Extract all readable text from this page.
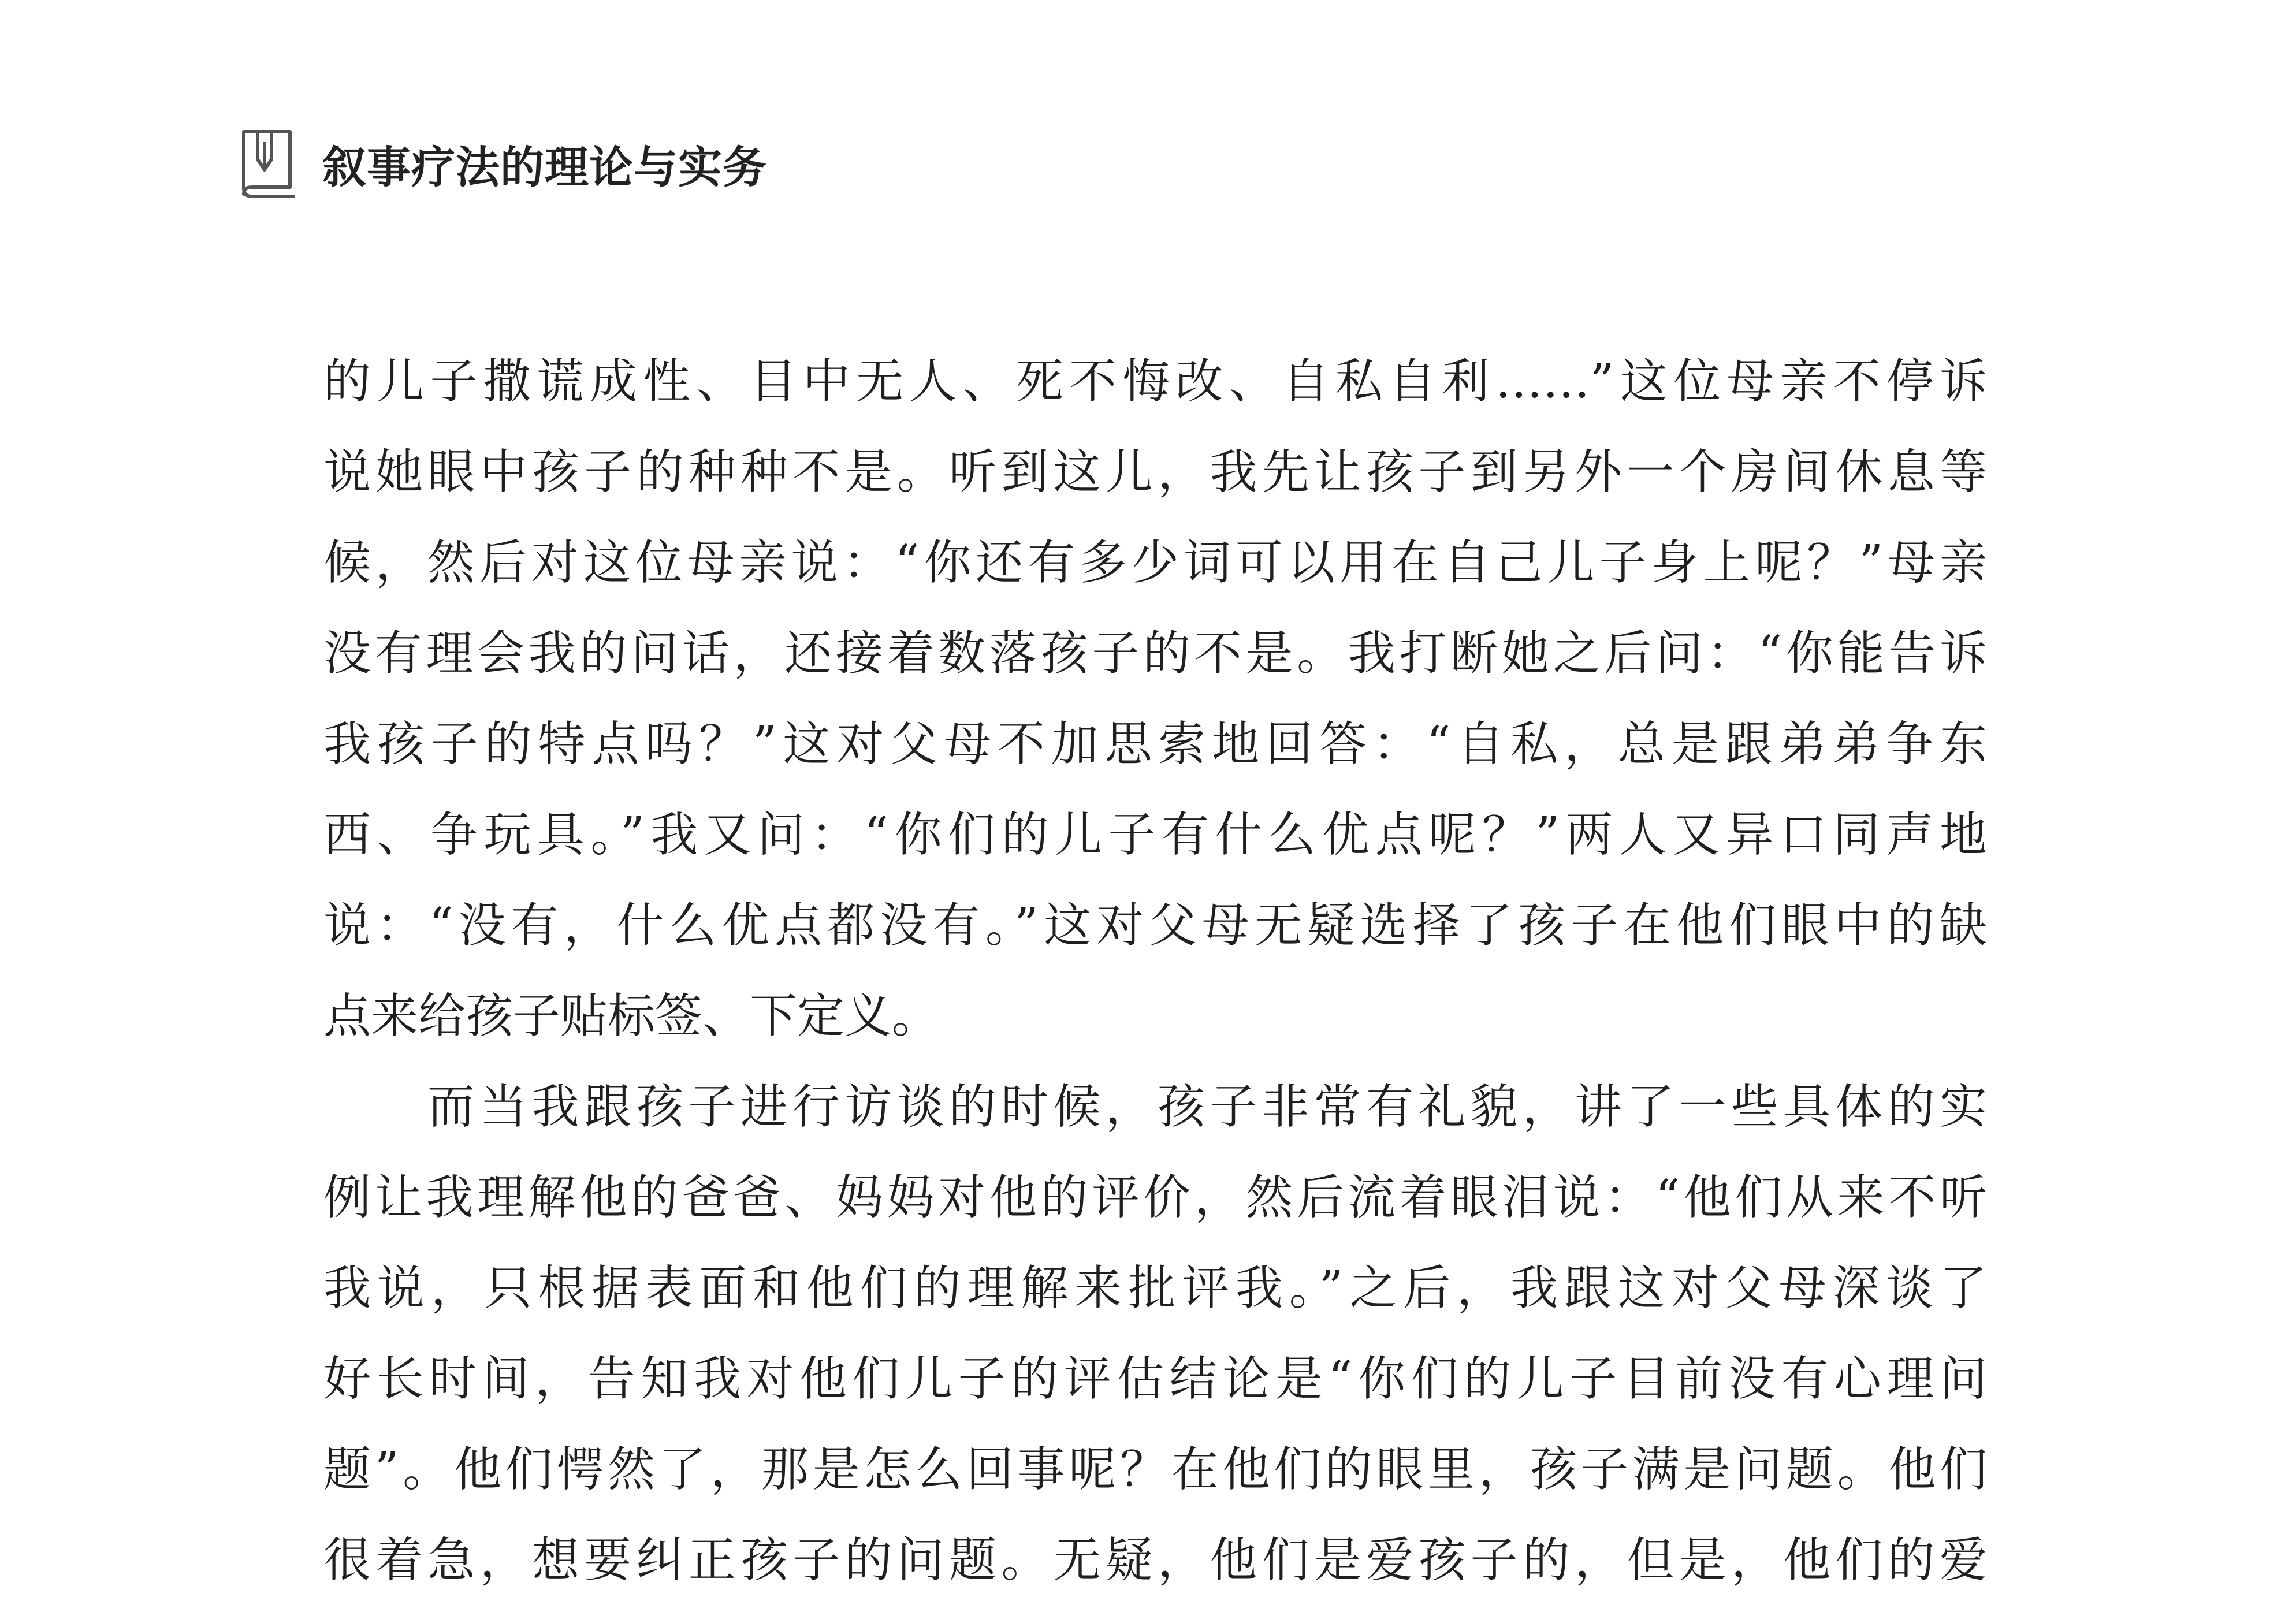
叙事疗法的理论与实务
的儿子撒谎成性、目中无人、死不悔改、自私自利……”这位母亲不停诉
说她眼中孩子的种种不是。听到这儿，我先让孩子到另外一个房间休息等
候，然后对这位母亲说：“你还有多少词可以用在自己儿子身上呢？”母亲
没有理会我的问话，还接着数落孩子的不是。我打断她之后问：“你能告诉
我孩子的特点吗？”这对父母不加思索地回答：“自私，总是跟弟弟争东
西、争玩具。”我又问：“你们的儿子有什么优点呢？”两人又异口同声地
说：“没有，什么优点都没有。”这对父母无疑选择了孩子在他们眼中的缺
点来给孩子贴标签、下定义。
而当我跟孩子进行访谈的时候，孩子非常有礼貌，讲了一些具体的实
例让我理解他的爸爸、妈妈对他的评价，然后流着眼泪说：“他们从来不听
我说，只根据表面和他们的理解来批评我。”之后，我跟这对父母深谈了
好长时间，告知我对他们儿子的评估结论是“你们的儿子目前没有心理问
题”。他们愕然了，那是怎么回事呢？在他们的眼里，孩子满是问题。他们
很着急，想要纠正孩子的问题。无疑，他们是爱孩子的，但是，他们的爱
